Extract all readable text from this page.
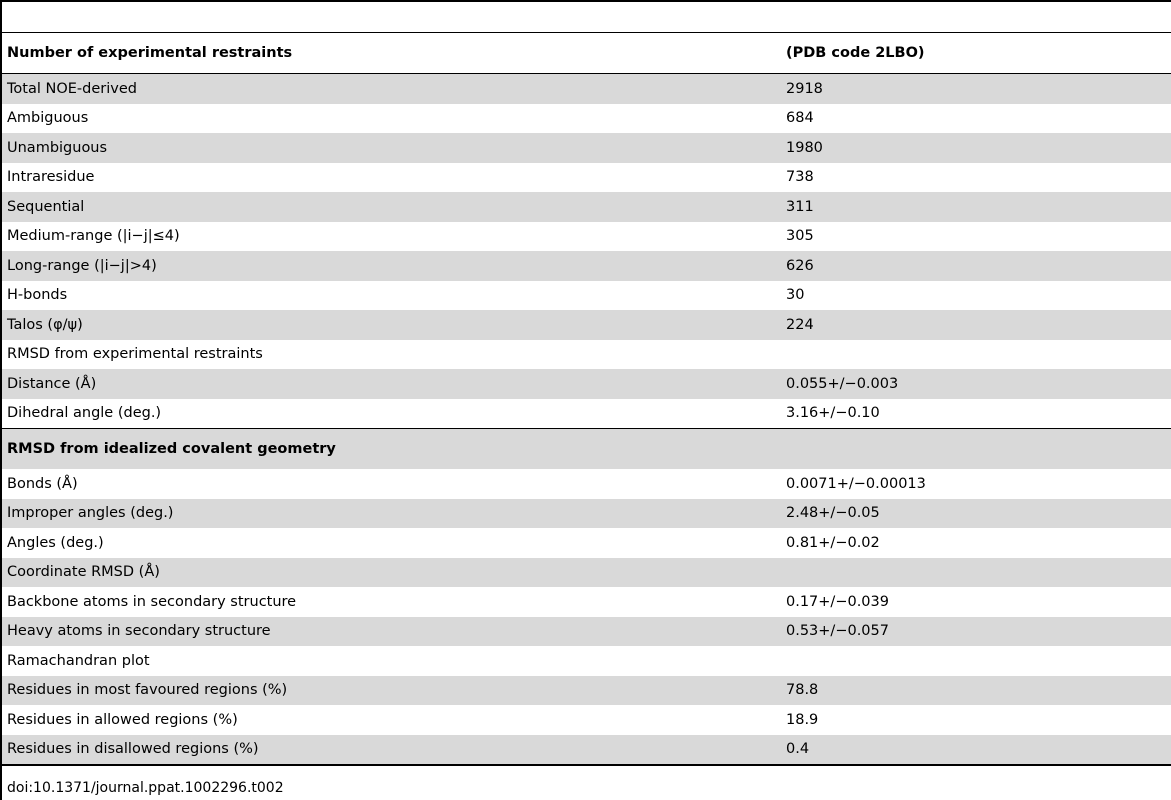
Number of experimental restraints	(PDB code 2LBO)
Total NOE-derived	2918
Ambiguous	684
Unambiguous	1980
Intraresidue	738
Sequential	311
Medium-range (|i−j|≤4)	305
Long-range (|i−j|>4)	626
H-bonds	30
Talos (φ/ψ)	224
RMSD from experimental restraints	
Distance (Å)	0.055+/−0.003
Dihedral angle (deg.)	3.16+/−0.10
RMSD from idealized covalent geometry	
Bonds (Å)	0.0071+/−0.00013
Improper angles (deg.)	2.48+/−0.05
Angles (deg.)	0.81+/−0.02
Coordinate RMSD (Å)	
Backbone atoms in secondary structure	0.17+/−0.039
Heavy atoms in secondary structure	0.53+/−0.057
Ramachandran plot	
Residues in most favoured regions (%)	78.8
Residues in allowed regions (%)	18.9
Residues in disallowed regions (%)	0.4
doi:10.1371/journal.ppat.1002296.t002
